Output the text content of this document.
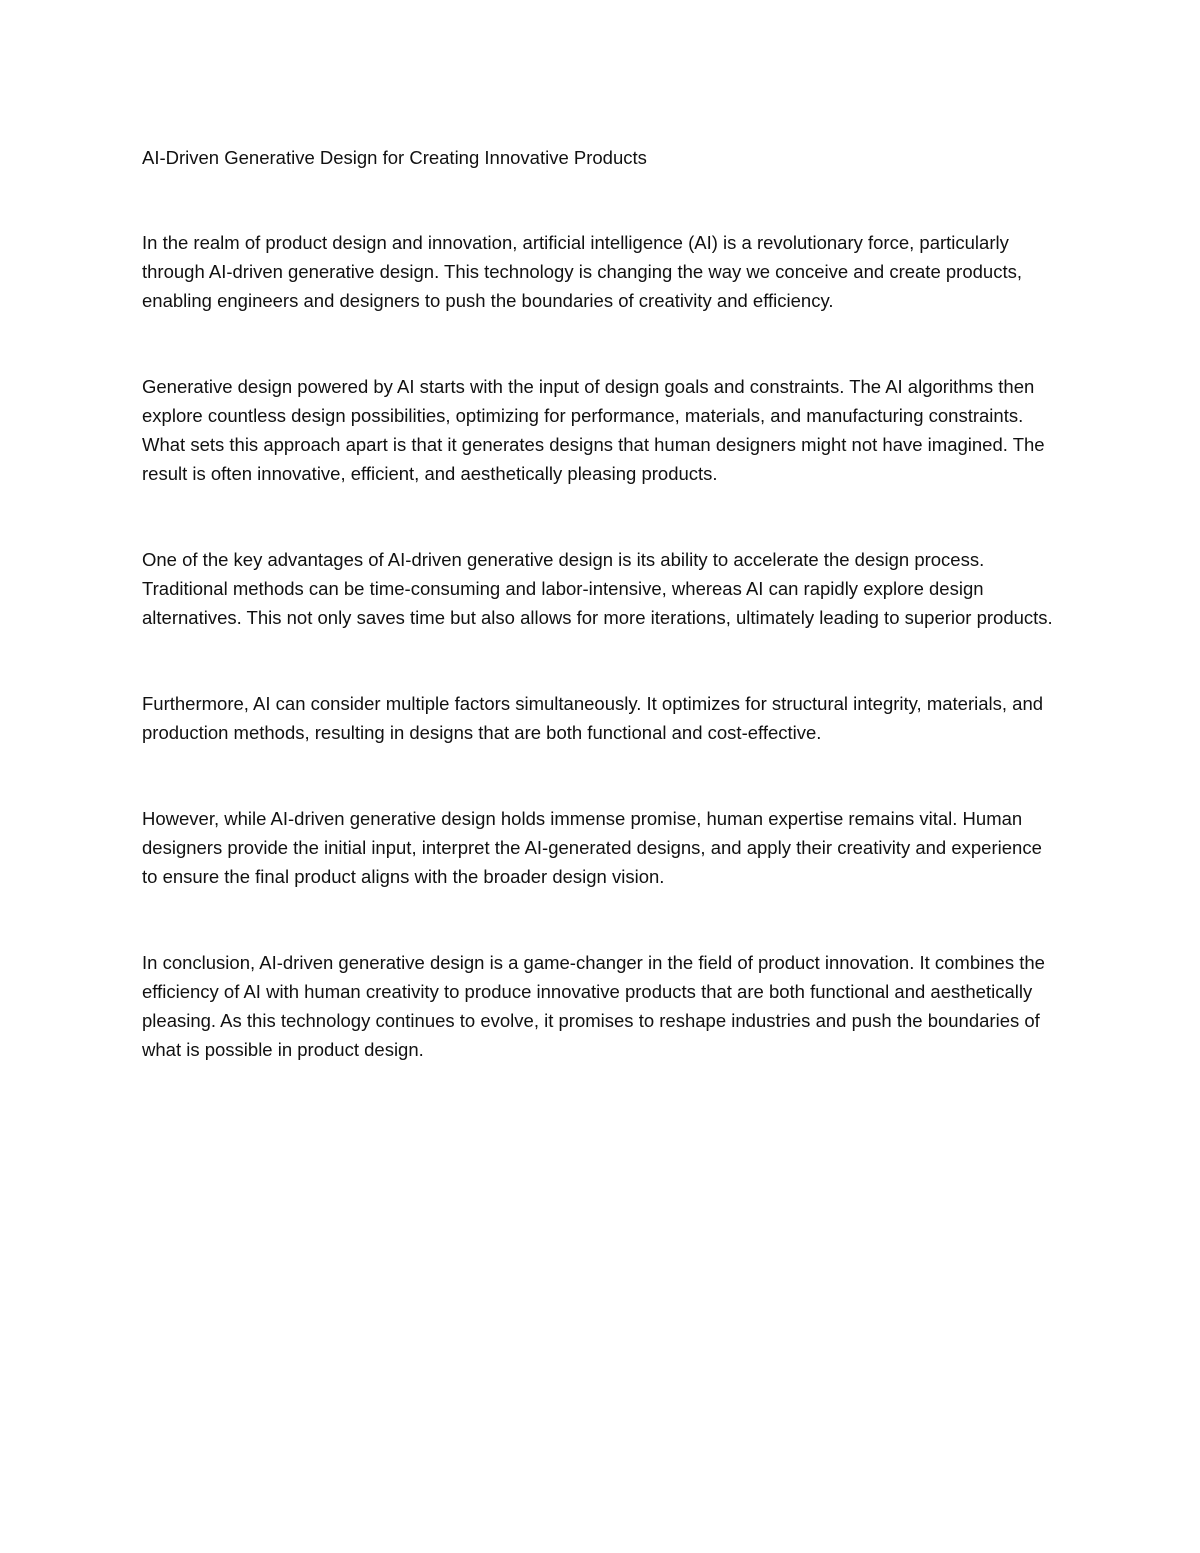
AI-Driven Generative Design for Creating Innovative Products

In the realm of product design and innovation, artificial intelligence (AI) is a revolutionary force, particularly through AI-driven generative design. This technology is changing the way we conceive and create products, enabling engineers and designers to push the boundaries of creativity and efficiency.

Generative design powered by AI starts with the input of design goals and constraints. The AI algorithms then explore countless design possibilities, optimizing for performance, materials, and manufacturing constraints. What sets this approach apart is that it generates designs that human designers might not have imagined. The result is often innovative, efficient, and aesthetically pleasing products.

One of the key advantages of AI-driven generative design is its ability to accelerate the design process. Traditional methods can be time-consuming and labor-intensive, whereas AI can rapidly explore design alternatives. This not only saves time but also allows for more iterations, ultimately leading to superior products.

Furthermore, AI can consider multiple factors simultaneously. It optimizes for structural integrity, materials, and production methods, resulting in designs that are both functional and cost-effective.

However, while AI-driven generative design holds immense promise, human expertise remains vital. Human designers provide the initial input, interpret the AI-generated designs, and apply their creativity and experience to ensure the final product aligns with the broader design vision.

In conclusion, AI-driven generative design is a game-changer in the field of product innovation. It combines the efficiency of AI with human creativity to produce innovative products that are both functional and aesthetically pleasing. As this technology continues to evolve, it promises to reshape industries and push the boundaries of what is possible in product design.
